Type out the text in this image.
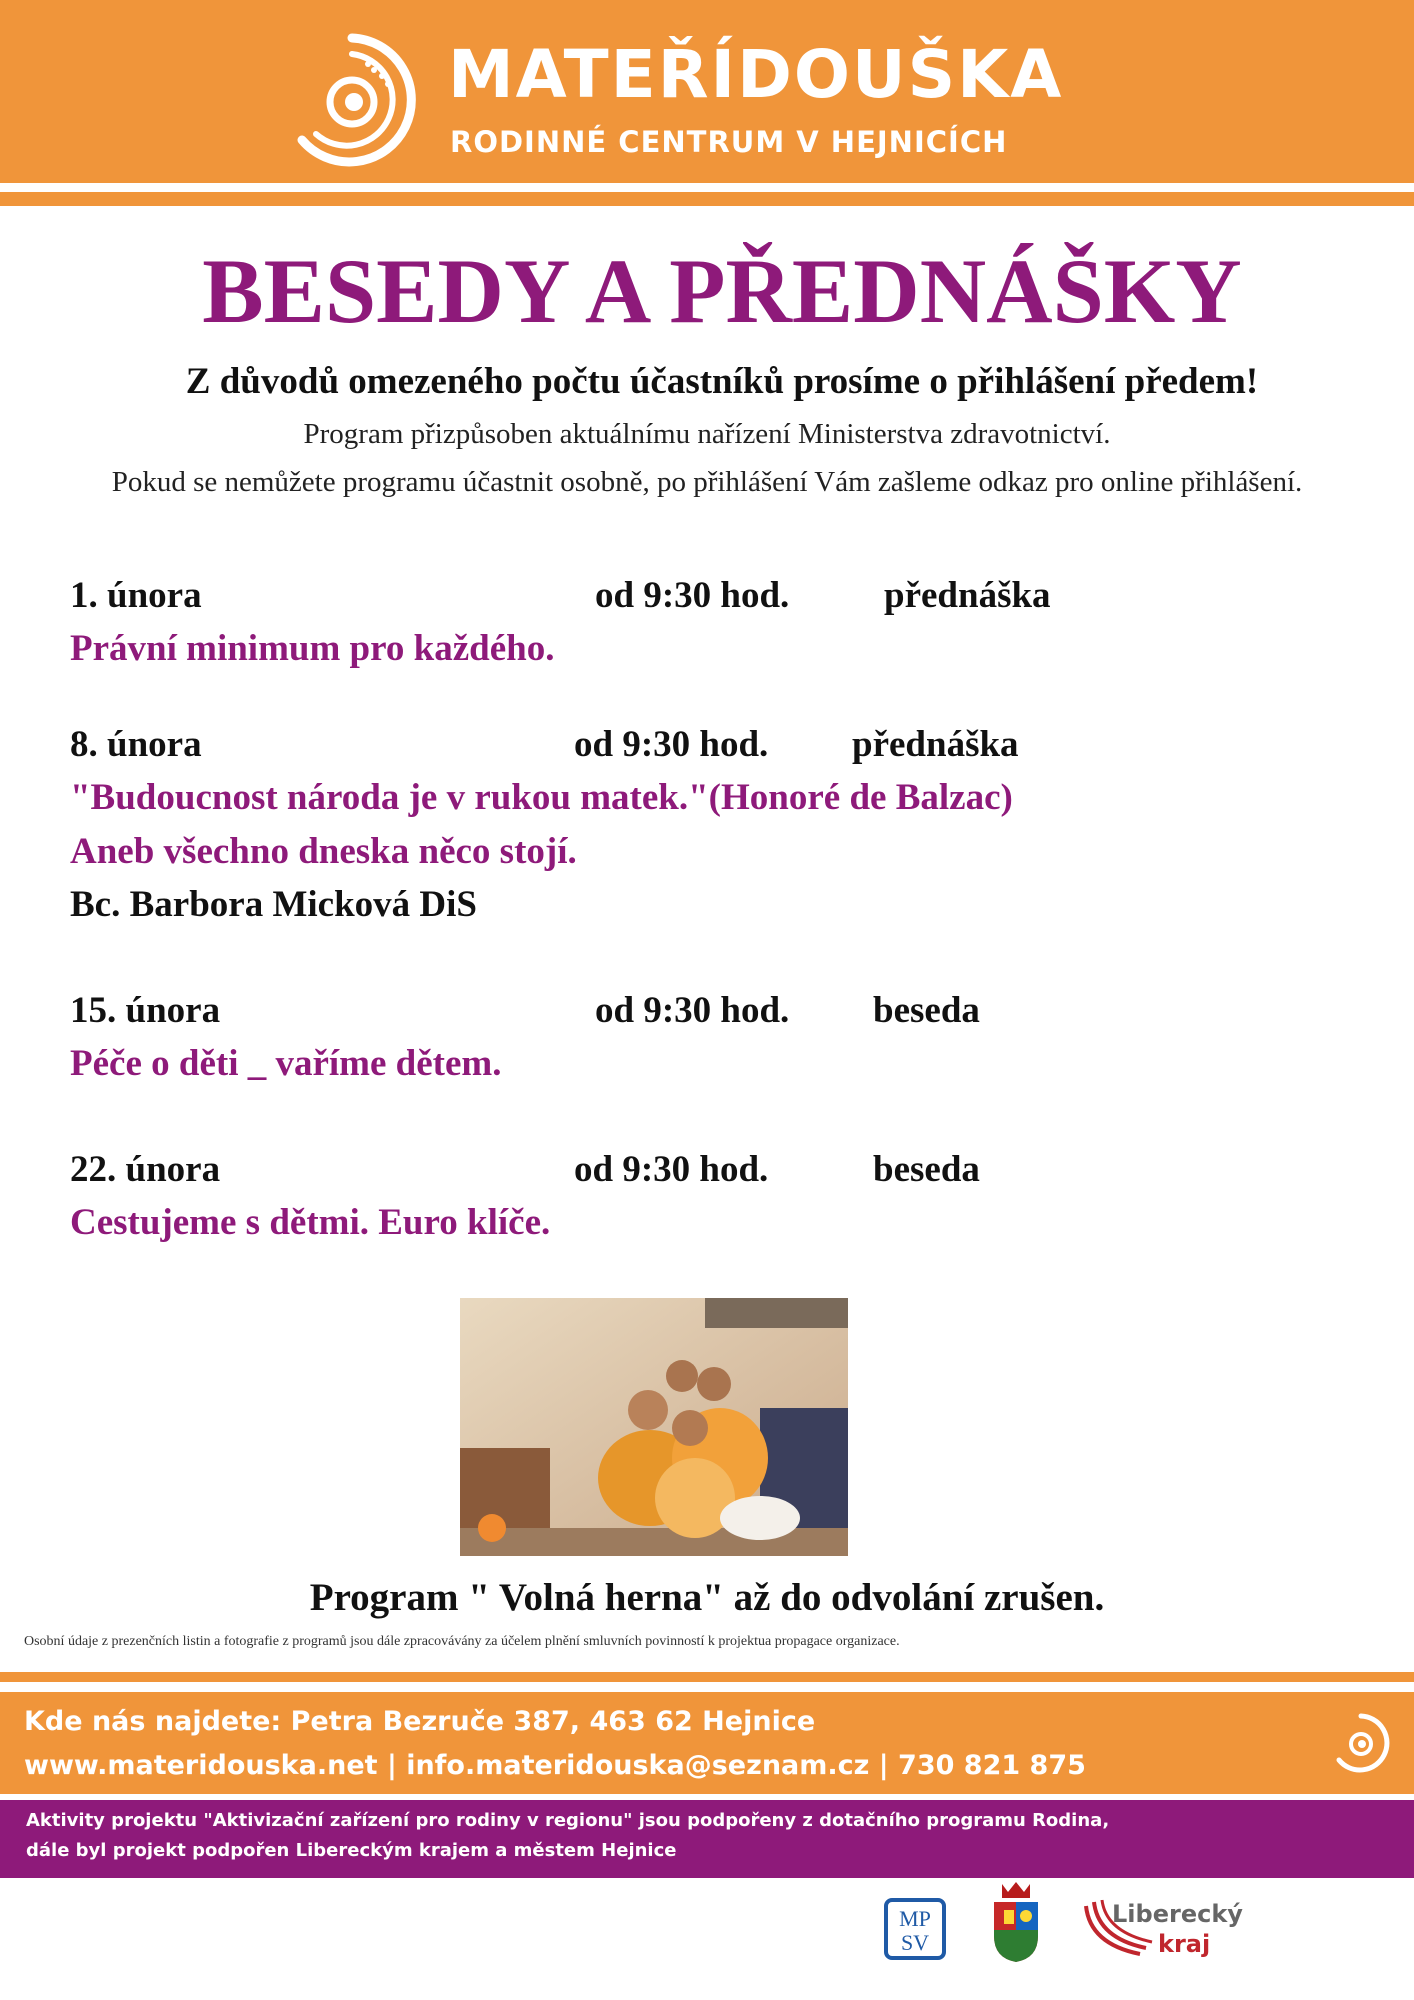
MATEŘÍDOUŠKA
RODINNÉ CENTRUM V HEJNICÍCH
BESEDY A PŘEDNÁŠKY
Z důvodů omezeného počtu účastníků prosíme o přihlášení předem!
Program přizpůsoben aktuálnímu nařízení Ministerstva zdravotnictví.
Pokud se nemůžete programu účastnit osobně, po přihlášení Vám zašleme odkaz pro online přihlášení.
1. února	od 9:30 hod.	přednáška
Právní minimum pro každého.
8. února	od 9:30 hod. přednáška
"Budoucnost národa je v rukou matek."(Honoré de Balzac)
Aneb všechno dneska něco stojí.
Bc. Barbora Micková DiS
15. února	od 9:30 hod. beseda
Péče o děti _ vaříme dětem.
22. února	od 9:30 hod.	beseda
Cestujeme s dětmi. Euro klíče.
Program " Volná herna" až do odvolání zrušen.
Osobní údaje z prezenčních listin a fotografie z programů jsou dále zpracovávány za účelem plnění smluvních povinností k projektua propagace organizace.
Kde nás najdete: Petra Bezruče 387, 463 62 Hejnice
www.materidouska.net | info.materidouska@seznam.cz | 730 821 875
Aktivity projektu "Aktivizační zařízení pro rodiny v regionu" jsou podpořeny z dotačního programu Rodina,
dále byl projekt podpořen Libereckým krajem a městem Hejnice
MP
SV
Liberecký
kraj
